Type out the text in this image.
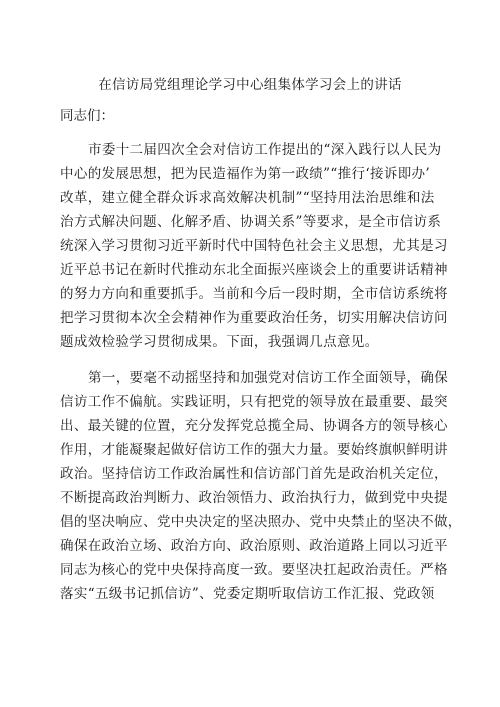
在信访局党组理论学习中心组集体学习会上的讲话
同志们：
市委十二届四次全会对信访工作提出的“深入践行以人民为
中心的发展思想，把为民造福作为第一政绩”“推行‘接诉即办’
改革，建立健全群众诉求高效解决机制”“坚持用法治思维和法
治方式解决问题、化解矛盾、协调关系”等要求，是全市信访系
统深入学习贯彻习近平新时代中国特色社会主义思想，尤其是习
近平总书记在新时代推动东北全面振兴座谈会上的重要讲话精神
的努力方向和重要抓手。当前和今后一段时期，全市信访系统将
把学习贯彻本次全会精神作为重要政治任务，切实用解决信访问
题成效检验学习贯彻成果。下面，我强调几点意见。
第一，要毫不动摇坚持和加强党对信访工作全面领导，确保
信访工作不偏航。实践证明，只有把党的领导放在最重要、最突
出、最关键的位置，充分发挥党总揽全局、协调各方的领导核心
作用，才能凝聚起做好信访工作的强大力量。要始终旗帜鲜明讲
政治。坚持信访工作政治属性和信访部门首先是政治机关定位，
不断提高政治判断力、政治领悟力、政治执行力，做到党中央提
倡的坚决响应、党中央决定的坚决照办、党中央禁止的坚决不做，
确保在政治立场、政治方向、政治原则、政治道路上同以习近平
同志为核心的党中央保持高度一致。要坚决扛起政治责任。严格
落实“五级书记抓信访”、党委定期听取信访工作汇报、党政领
